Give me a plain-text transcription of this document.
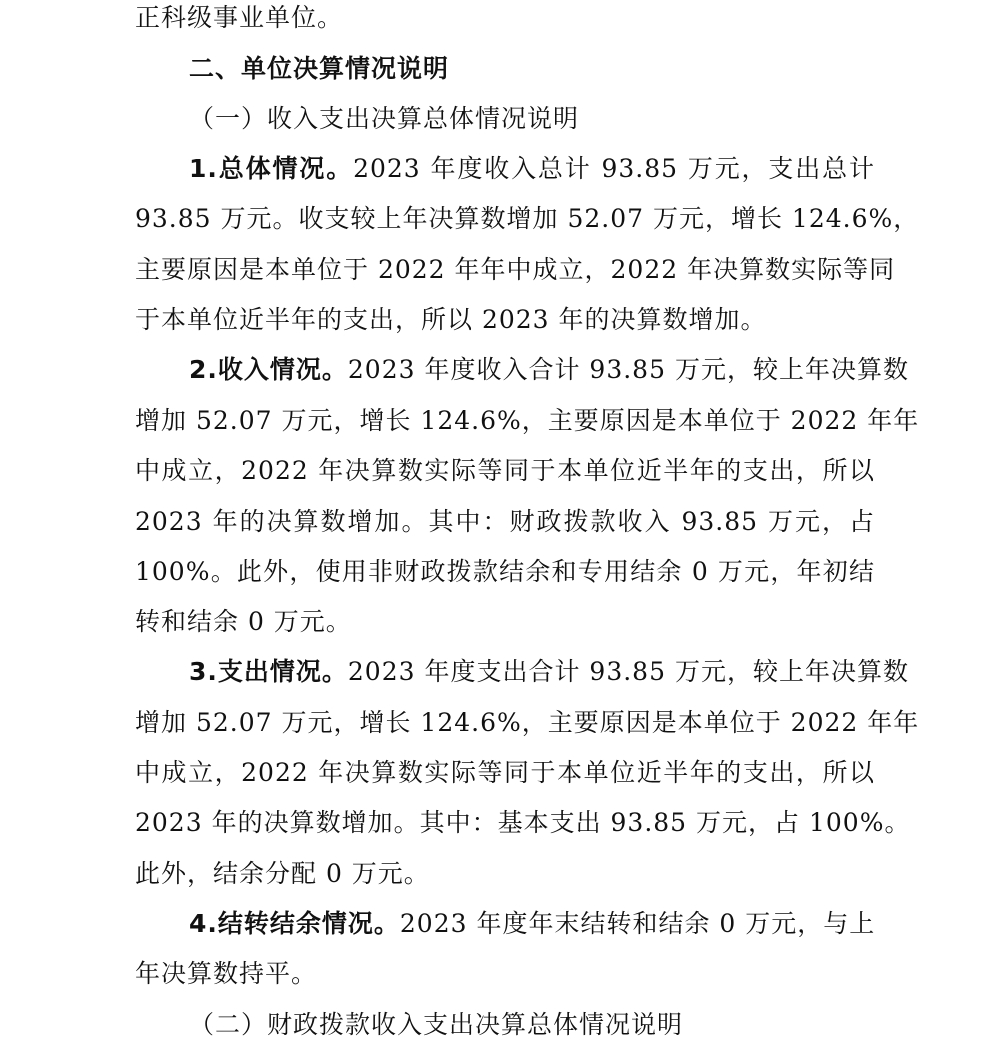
正科级事业单位。
二、单位决算情况说明
（一）收入支出决算总体情况说明
1.总体情况。2023 年度收入总计 93.85 万元，支出总计
93.85 万元。收支较上年决算数增加 52.07 万元，增长 124.6%，
主要原因是本单位于 2022 年年中成立，2022 年决算数实际等同
于本单位近半年的支出，所以 2023 年的决算数增加。
2.收入情况。2023 年度收入合计 93.85 万元，较上年决算数
增加 52.07 万元，增长 124.6%，主要原因是本单位于 2022 年年
中成立，2022 年决算数实际等同于本单位近半年的支出，所以
2023 年的决算数增加。其中：财政拨款收入 93.85 万元，占
100%。此外，使用非财政拨款结余和专用结余 0 万元，年初结
转和结余 0 万元。
3.支出情况。2023 年度支出合计 93.85 万元，较上年决算数
增加 52.07 万元，增长 124.6%，主要原因是本单位于 2022 年年
中成立，2022 年决算数实际等同于本单位近半年的支出，所以
2023 年的决算数增加。其中：基本支出 93.85 万元，占 100%。
此外，结余分配 0 万元。
4.结转结余情况。2023 年度年末结转和结余 0 万元，与上
年决算数持平。
（二）财政拨款收入支出决算总体情况说明
